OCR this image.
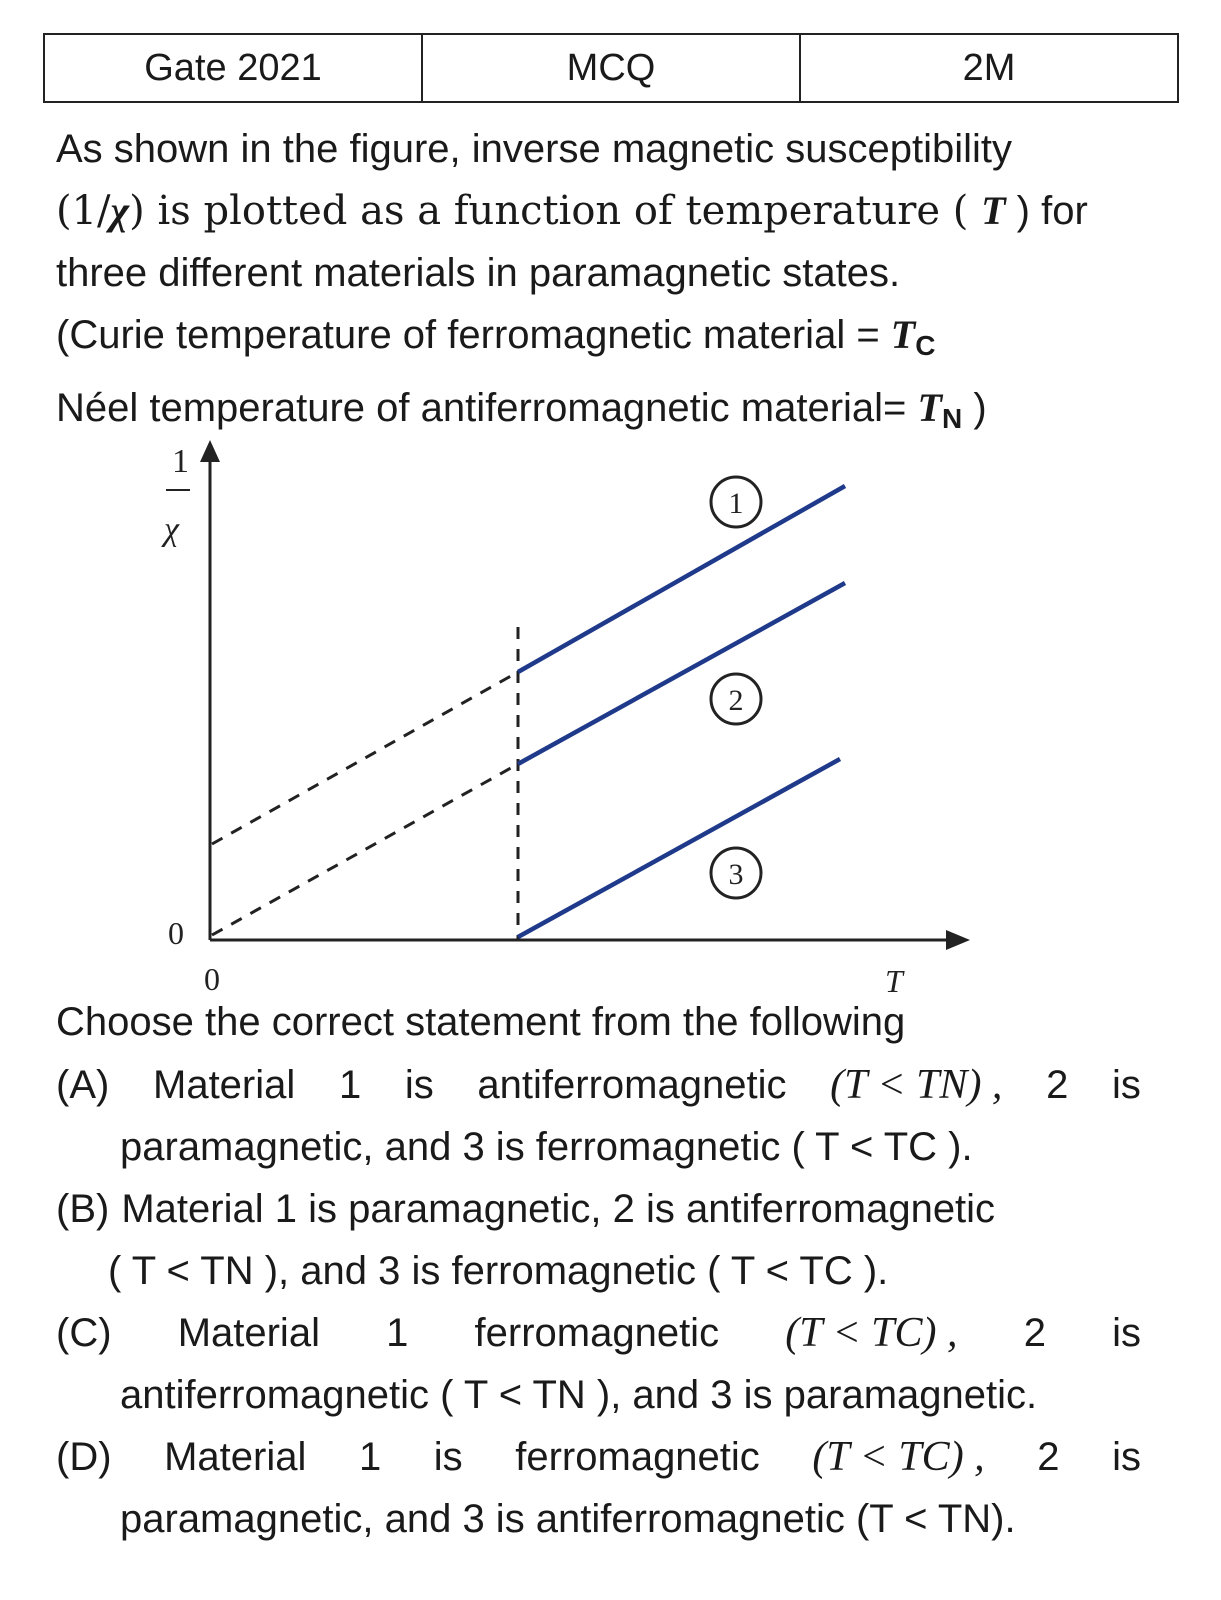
Gate 2021	MCQ	2M
As shown in the figure, inverse magnetic susceptibility
(1/χ) is plotted as a function of temperature ( T ) for
three different materials in paramagnetic states.
(Curie temperature of ferromagnetic material = $T_C$
Néel temperature of antiferromagnetic material= $T_N$ )
1
χ
T
0
0
1
2
3
Choose the correct statement from the following
(A) Material 1 is antiferromagnetic (T < TN) , 2 is
paramagnetic, and 3 is ferromagnetic ( T < TC ).
(B) Material 1 is paramagnetic, 2 is antiferromagnetic
( T < TN ), and 3 is ferromagnetic ( T < TC ).
(C) Material 1 ferromagnetic (T < TC) , 2 is
antiferromagnetic ( T < TN ), and 3 is paramagnetic.
(D) Material 1 is ferromagnetic (T < TC) , 2 is
paramagnetic, and 3 is antiferromagnetic (T < TN).
